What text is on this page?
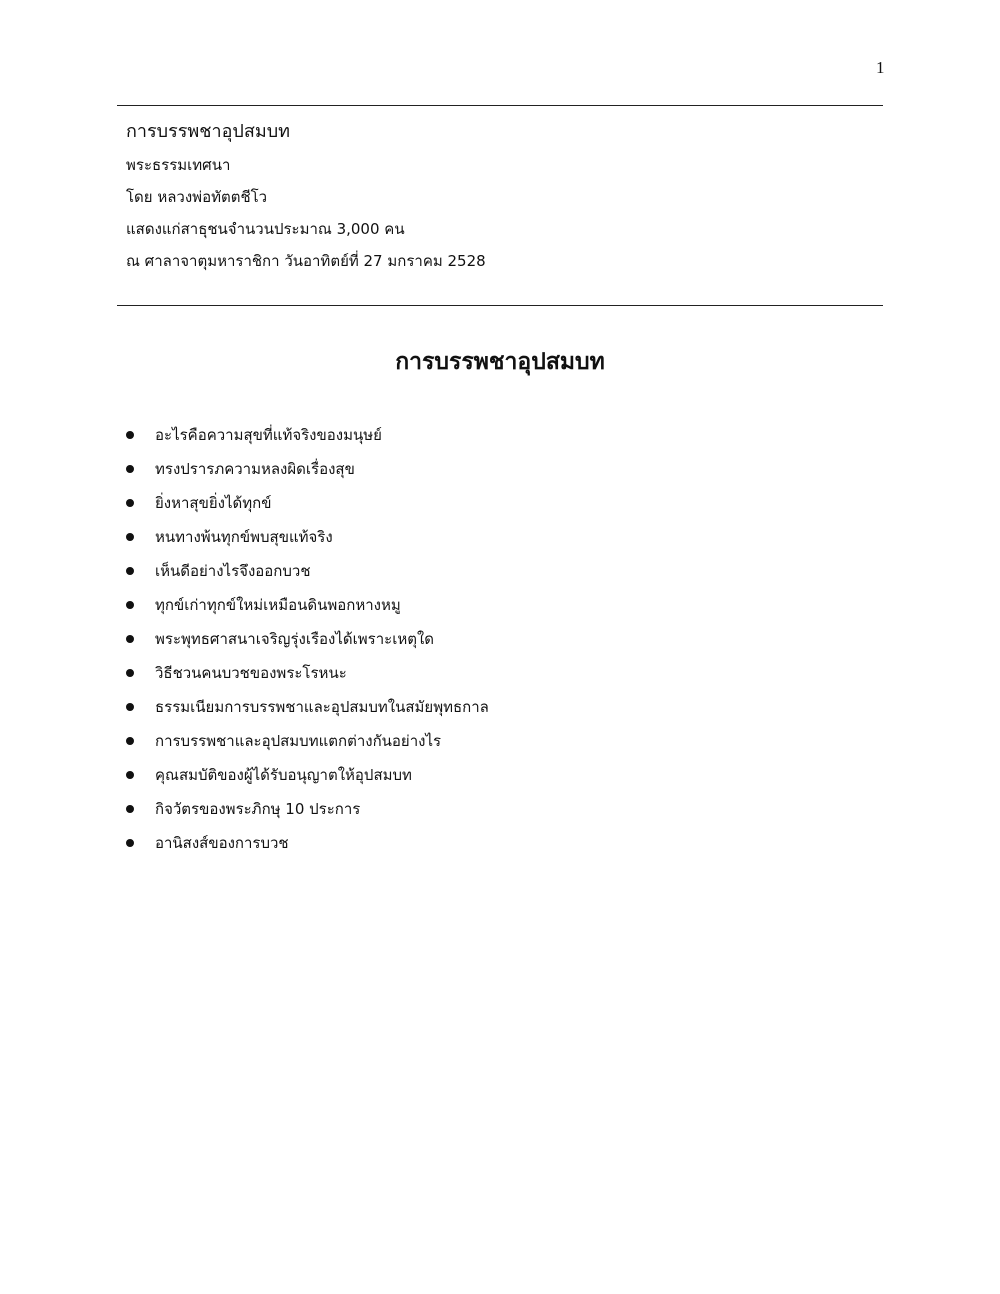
1
การบรรพชาอุปสมบท
พระธรรมเทศนา
โดย หลวงพ่อทัตตชีโว
แสดงแก่สาธุชนจำนวนประมาณ 3,000 คน
ณ ศาลาจาตุมหาราชิกา วันอาทิตย์ที่ 27 มกราคม 2528
การบรรพชาอุปสมบท
อะไรคือความสุขที่แท้จริงของมนุษย์
ทรงปรารภความหลงผิดเรื่องสุข
ยิ่งหาสุขยิ่งได้ทุกข์
หนทางพ้นทุกข์พบสุขแท้จริง
เห็นดีอย่างไรจึงออกบวช
ทุกข์เก่าทุกข์ใหม่เหมือนดินพอกหางหมู
พระพุทธศาสนาเจริญรุ่งเรืองได้เพราะเหตุใด
วิธีชวนคนบวชของพระโรหนะ
ธรรมเนียมการบรรพชาและอุปสมบทในสมัยพุทธกาล
การบรรพชาและอุปสมบทแตกต่างกันอย่างไร
คุณสมบัติของผู้ได้รับอนุญาตให้อุปสมบท
กิจวัตรของพระภิกษุ 10 ประการ
อานิสงส์ของการบวช
